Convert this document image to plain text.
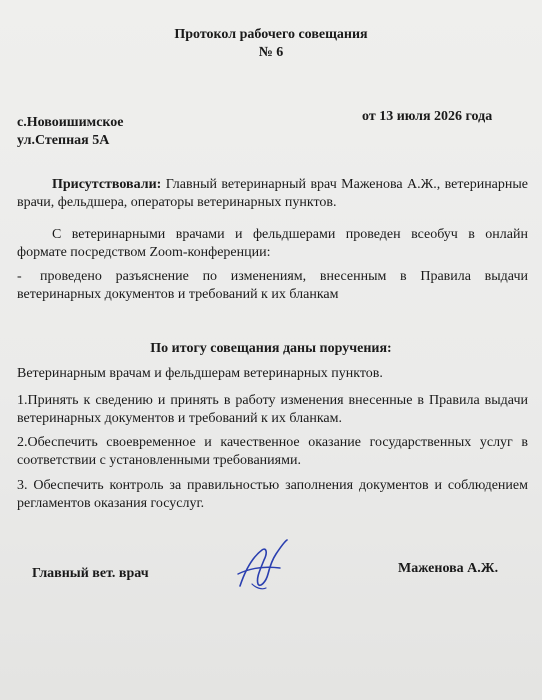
Протокол рабочего совещания

№ 6

с.Новоишимское

ул.Степная 5А

от 13 июля 2026 года

Присутствовали: Главный ветеринарный врач Маженова А.Ж., ветеринарные

врачи, фельдшера, операторы ветеринарных пунктов.

С ветеринарными врачами и фельдшерами проведен всеобуч в онлайн

формате посредством Zoom-конференции:

- проведено разъяснение по изменениям, внесенным в Правила выдачи

ветеринарных документов и требований к их бланкам

По итогу совещания даны поручения:

Ветеринарным врачам и фельдшерам ветеринарных пунктов.

1.Принять к сведению и принять в работу изменения внесенные в Правила выдачи

ветеринарных документов и требований к их бланкам.

2.Обеспечить своевременное и качественное оказание государственных услуг в

соответствии с установленными требованиями.

3. Обеспечить контроль за правильностью заполнения документов и соблюдением

регламентов оказания госуслуг.

Главный вет. врач	Маженова А.Ж.
